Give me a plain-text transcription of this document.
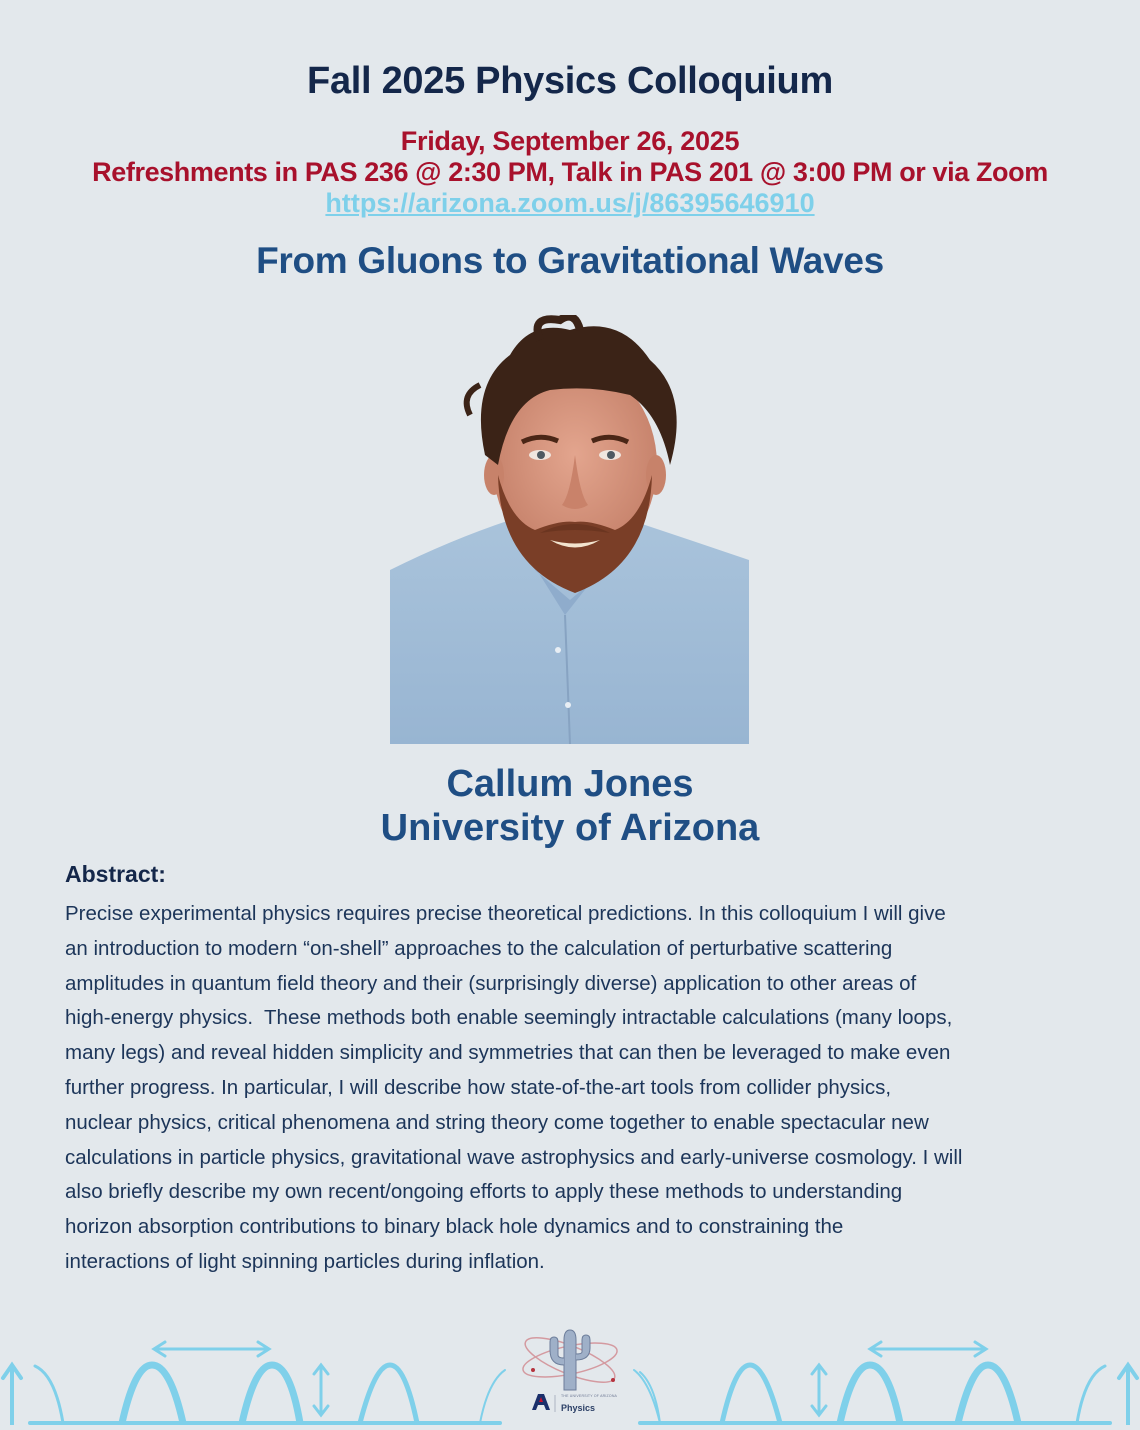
Fall 2025 Physics Colloquium
Friday, September 26, 2025
Refreshments in PAS 236 @ 2:30 PM, Talk in PAS 201 @ 3:00 PM or via Zoom
https://arizona.zoom.us/j/86395646910
From Gluons to Gravitational Waves
Callum Jones
University of Arizona
Abstract:
Precise experimental physics requires precise theoretical predictions. In this colloquium I will give
an introduction to modern “on-shell” approaches to the calculation of perturbative scattering
amplitudes in quantum field theory and their (surprisingly diverse) application to other areas of
high-energy physics.  These methods both enable seemingly intractable calculations (many loops,
many legs) and reveal hidden simplicity and symmetries that can then be leveraged to make even
further progress. In particular, I will describe how state-of-the-art tools from collider physics,
nuclear physics, critical phenomena and string theory come together to enable spectacular new
calculations in particle physics, gravitational wave astrophysics and early-universe cosmology. I will
also briefly describe my own recent/ongoing efforts to apply these methods to understanding
horizon absorption contributions to binary black hole dynamics and to constraining the
interactions of light spinning particles during inflation.
THE UNIVERSITY OF ARIZONA
Physics
